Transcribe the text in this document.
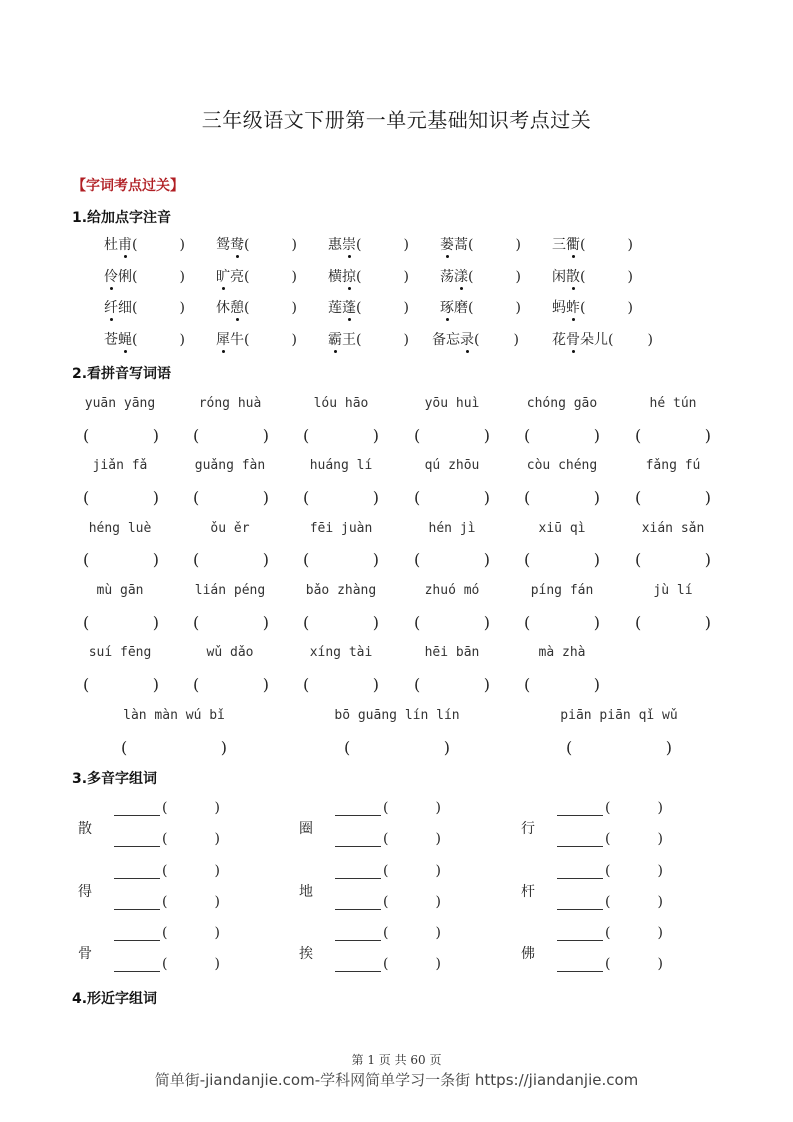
三年级语文下册第一单元基础知识考点过关
【字词考点过关】
1.给加点字注音
杜甫(	) 鸳鸯(	) 惠崇(	) 蒌蒿(	) 三衢(	)
伶俐(	) 旷亮(	) 横掠(	) 荡漾(	) 闲散(	)
纤细(	) 休憩(	) 莲蓬(	) 琢磨(	) 蚂蚱(	)
苍蝇(	) 犀牛(	) 霸王(	) 备忘录( ) 花骨朵儿( )
2.看拼音写词语
yuān yāng
(	)
róng huà
(	)
lóu hāo
(	)
yōu huì
(	)
chóng gāo
(	)
hé tún
(	)
jiǎn fǎ
(	)
guǎng fàn
(	)
huáng lí
(	)
qú zhōu
(	)
còu chéng
(	)
fǎng fú
(	)
héng luè
(	)
ǒu ěr
(	)
fēi juàn
(	)
hén jì
(	)
xiū qì
(	)
xián sǎn
(	)
mù gān
(	)
lián péng
(	)
bǎo zhàng
(	)
zhuó mó
(	)
píng fán
(	)
jù lí
(	)
suí fēng
(	)
wǔ dǎo
(	)
xíng tài
(	)
hēi bān
(	)
mà zhà
(	)
làn màn wú bǐ
(	)
bō guāng lín lín
(	)
piān piān qǐ wǔ
(	)
3.多音字组词
散
(	)
(	)
圈
(	)
(	)
行
(	)
(	)
得
(	)
(	)
地
(	)
(	)
杆
(	)
(	)
骨
(	)
(	)
挨
(	)
(	)
佛
(	)
(	)
4.形近字组词
第 1 页 共 60 页
简单街-jiandanjie.com-学科网简单学习一条街 https://jiandanjie.com
